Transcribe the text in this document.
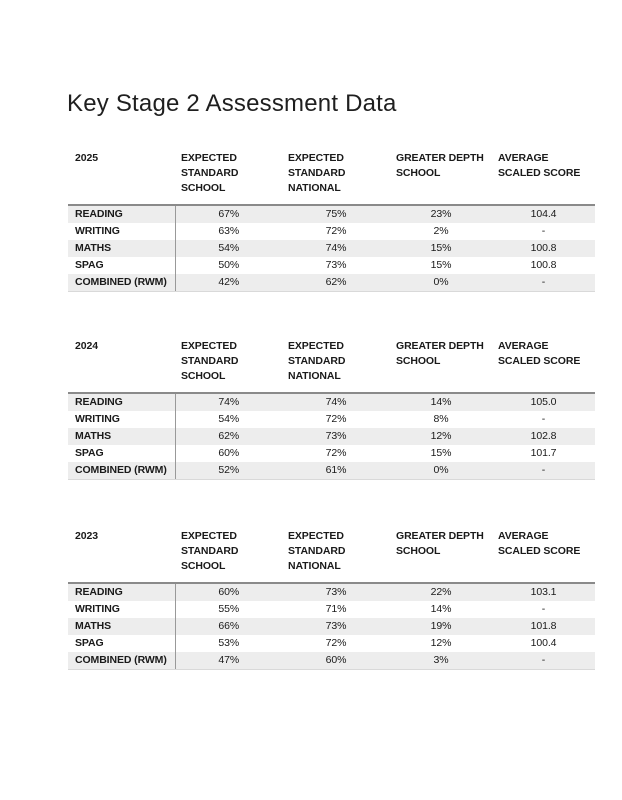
Key Stage 2 Assessment Data
2025	EXPECTED STANDARD SCHOOL	EXPECTED STANDARD NATIONAL	GREATER DEPTH SCHOOL	AVERAGE SCALED SCORE
READING	67%	75%	23%	104.4
WRITING	63%	72%	2%	-
MATHS	54%	74%	15%	100.8
SPAG	50%	73%	15%	100.8
COMBINED (RWM)	42%	62%	0%	-
2024	EXPECTED STANDARD SCHOOL	EXPECTED STANDARD NATIONAL	GREATER DEPTH SCHOOL	AVERAGE SCALED SCORE
READING	74%	74%	14%	105.0
WRITING	54%	72%	8%	-
MATHS	62%	73%	12%	102.8
SPAG	60%	72%	15%	101.7
COMBINED (RWM)	52%	61%	0%	-
2023	EXPECTED STANDARD SCHOOL	EXPECTED STANDARD NATIONAL	GREATER DEPTH SCHOOL	AVERAGE SCALED SCORE
READING	60%	73%	22%	103.1
WRITING	55%	71%	14%	-
MATHS	66%	73%	19%	101.8
SPAG	53%	72%	12%	100.4
COMBINED (RWM)	47%	60%	3%	-
